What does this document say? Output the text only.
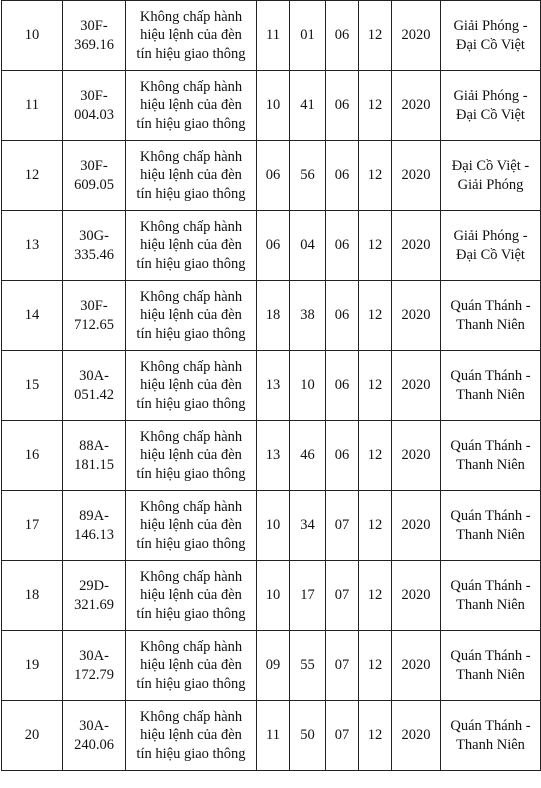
10	30F-
369.16	Không chấp hành
hiệu lệnh của đèn
tín hiệu giao thông	11	01	06	12	2020	Giải Phóng -
Đại Cồ Việt

11	30F-
004.03	Không chấp hành
hiệu lệnh của đèn
tín hiệu giao thông	10	41	06	12	2020	Giải Phóng -
Đại Cồ Việt

12	30F-
609.05	Không chấp hành
hiệu lệnh của đèn
tín hiệu giao thông	06	56	06	12	2020	Đại Cồ Việt -
Giải Phóng

13	30G-
335.46	Không chấp hành
hiệu lệnh của đèn
tín hiệu giao thông	06	04	06	12	2020	Giải Phóng -
Đại Cồ Việt

14	30F-
712.65	Không chấp hành
hiệu lệnh của đèn
tín hiệu giao thông	18	38	06	12	2020	Quán Thánh -
Thanh Niên

15	30A-
051.42	Không chấp hành
hiệu lệnh của đèn
tín hiệu giao thông	13	10	06	12	2020	Quán Thánh -
Thanh Niên

16	88A-
181.15	Không chấp hành
hiệu lệnh của đèn
tín hiệu giao thông	13	46	06	12	2020	Quán Thánh -
Thanh Niên

17	89A-
146.13	Không chấp hành
hiệu lệnh của đèn
tín hiệu giao thông	10	34	07	12	2020	Quán Thánh -
Thanh Niên

18	29D-
321.69	Không chấp hành
hiệu lệnh của đèn
tín hiệu giao thông	10	17	07	12	2020	Quán Thánh -
Thanh Niên

19	30A-
172.79	Không chấp hành
hiệu lệnh của đèn
tín hiệu giao thông	09	55	07	12	2020	Quán Thánh -
Thanh Niên

20	30A-
240.06	Không chấp hành
hiệu lệnh của đèn
tín hiệu giao thông	11	50	07	12	2020	Quán Thánh -
Thanh Niên
